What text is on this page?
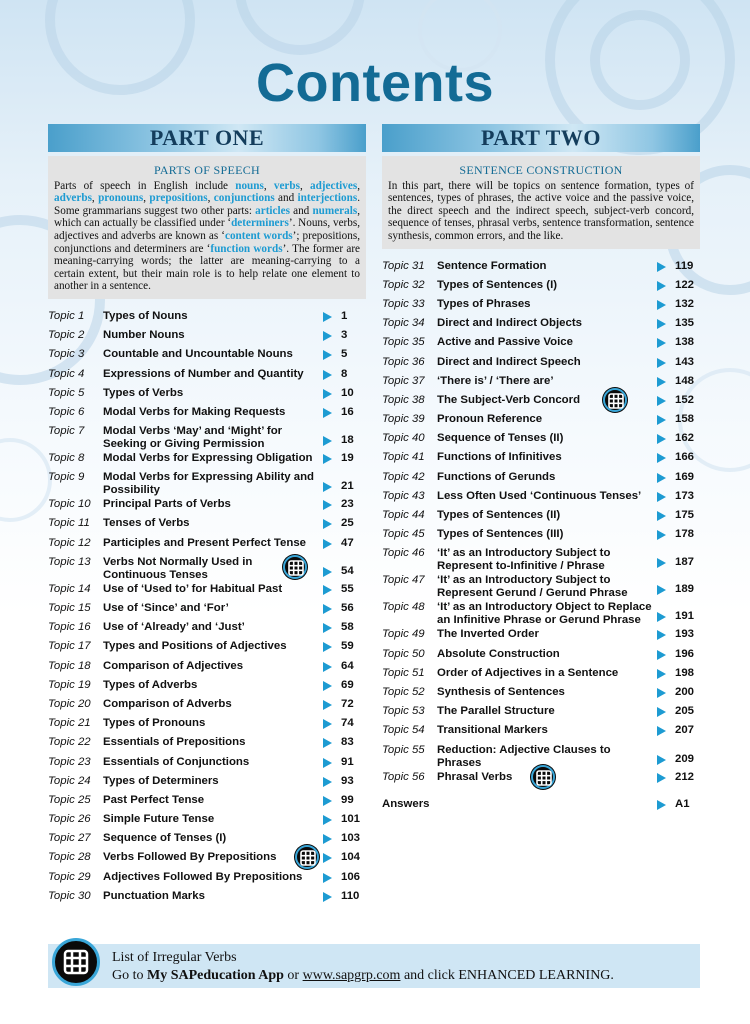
Contents
PART ONE
PARTS OF SPEECH
Parts of speech in English include nouns, verbs, adjectives, adverbs, pronouns, prepositions, conjunctions and interjections. Some grammarians suggest two other parts: articles and numerals, which can actually be classified under ‘determiners’. Nouns, verbs, adjectives and adverbs are known as ‘content words’; prepositions, conjunctions and determiners are ‘function words’. The former are meaning-carrying words; the latter are meaning-carrying to a certain extent, but their main role is to help relate one element to another in a sentence.
Topic 1	Types of Nouns	1
Topic 2	Number Nouns	3
Topic 3	Countable and Uncountable Nouns	5
Topic 4	Expressions of Number and Quantity	8
Topic 5	Types of Verbs	10
Topic 6	Modal Verbs for Making Requests	16
Topic 7	Modal Verbs ‘May’ and ‘Might’ for
Seeking or Giving Permission	18
Topic 8	Modal Verbs for Expressing Obligation	19
Topic 9	Modal Verbs for Expressing Ability and
Possibility	21
Topic 10	Principal Parts of Verbs	23
Topic 11	Tenses of Verbs	25
Topic 12	Participles and Present Perfect Tense	47
Topic 13	Verbs Not Normally Used in
Continuous Tenses	54
Topic 14	Use of ‘Used to’ for Habitual Past	55
Topic 15	Use of ‘Since’ and ‘For’	56
Topic 16	Use of ‘Already’ and ‘Just’	58
Topic 17	Types and Positions of Adjectives	59
Topic 18	Comparison of Adjectives	64
Topic 19	Types of Adverbs	69
Topic 20	Comparison of Adverbs	72
Topic 21	Types of Pronouns	74
Topic 22	Essentials of Prepositions	83
Topic 23	Essentials of Conjunctions	91
Topic 24	Types of Determiners	93
Topic 25	Past Perfect Tense	99
Topic 26	Simple Future Tense	101
Topic 27	Sequence of Tenses (I)	103
Topic 28	Verbs Followed By Prepositions	104
Topic 29	Adjectives Followed By Prepositions	106
Topic 30	Punctuation Marks	110
PART TWO
SENTENCE CONSTRUCTION
In this part, there will be topics on sentence formation, types of sentences, types of phrases, the active voice and the passive voice, the direct speech and the indirect speech, subject-verb concord, sequence of tenses, phrasal verbs, sentence transformation, sentence synthesis, common errors, and the like.
Topic 31	Sentence Formation	119
Topic 32	Types of Sentences (I)	122
Topic 33	Types of Phrases	132
Topic 34	Direct and Indirect Objects	135
Topic 35	Active and Passive Voice	138
Topic 36	Direct and Indirect Speech	143
Topic 37	‘There is’ / ‘There are’	148
Topic 38	The Subject-Verb Concord	152
Topic 39	Pronoun Reference	158
Topic 40	Sequence of Tenses (II)	162
Topic 41	Functions of Infinitives	166
Topic 42	Functions of Gerunds	169
Topic 43	Less Often Used ‘Continuous Tenses’	173
Topic 44	Types of Sentences (II)	175
Topic 45	Types of Sentences (III)	178
Topic 46	‘It’ as an Introductory Subject to
Represent to-Infinitive / Phrase	187
Topic 47	‘It’ as an Introductory Subject to
Represent Gerund / Gerund Phrase	189
Topic 48	‘It’ as an Introductory Object to Replace
an Infinitive Phrase or Gerund Phrase	191
Topic 49	The Inverted Order	193
Topic 50	Absolute Construction	196
Topic 51	Order of Adjectives in a Sentence	198
Topic 52	Synthesis of Sentences	200
Topic 53	The Parallel Structure	205
Topic 54	Transitional Markers	207
Topic 55	Reduction: Adjective Clauses to
Phrases	209
Topic 56	Phrasal Verbs	212
Answers	A1
List of Irregular Verbs
Go to My SAPeducation App or www.sapgrp.com and click ENHANCED LEARNING.
